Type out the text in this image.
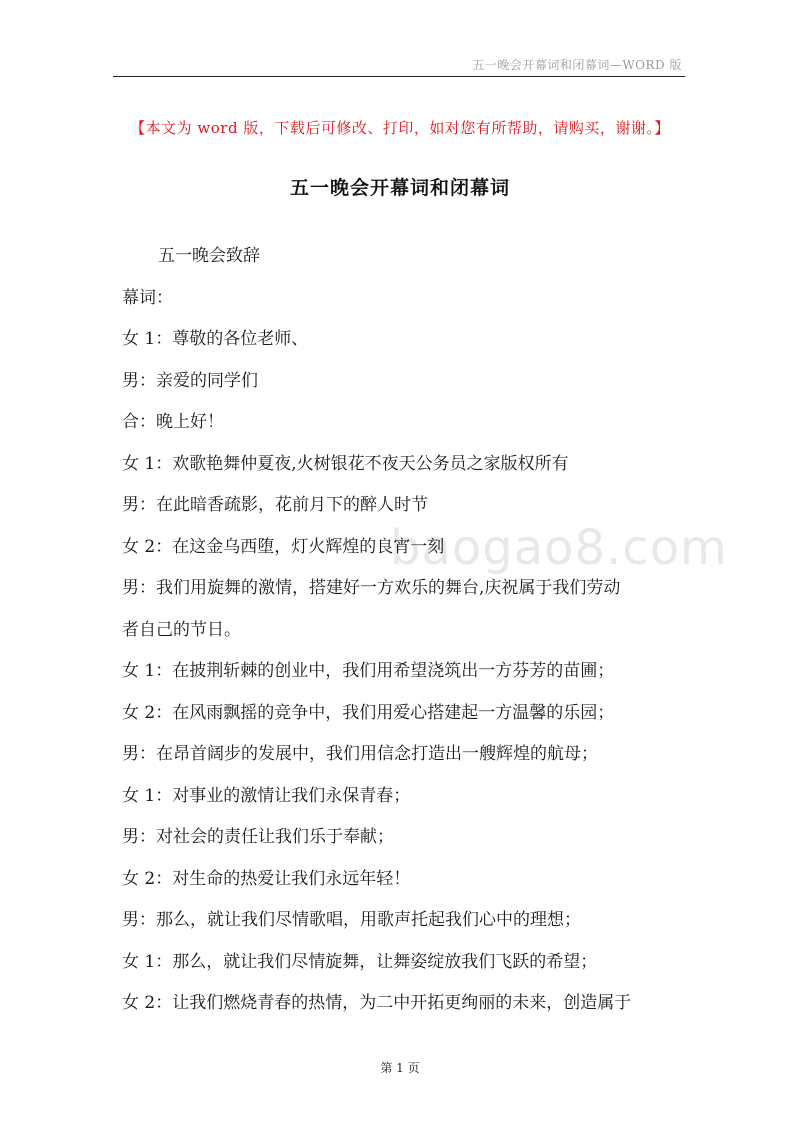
五一晚会开幕词和闭幕词—WORD 版
【本文为 word 版，下载后可修改、打印，如对您有所帮助，请购买，谢谢。】
五一晚会开幕词和闭幕词
baogao8.com

五一晚会致辞

幕词：

女 1：尊敬的各位老师、

男：亲爱的同学们

合：晚上好！

女 1：欢歌艳舞仲夏夜,火树银花不夜天公务员之家版权所有

男：在此暗香疏影，花前月下的醉人时节

女 2：在这金乌西堕，灯火辉煌的良宵一刻

男：我们用旋舞的激情，搭建好一方欢乐的舞台,庆祝属于我们劳动

者自己的节日。

女 1：在披荆斩棘的创业中，我们用希望浇筑出一方芬芳的苗圃；

女 2：在风雨飘摇的竞争中，我们用爱心搭建起一方温馨的乐园；

男：在昂首阔步的发展中，我们用信念打造出一艘辉煌的航母；

女 1：对事业的激情让我们永保青春；

男：对社会的责任让我们乐于奉献；

女 2：对生命的热爱让我们永远年轻！

男：那么，就让我们尽情歌唱，用歌声托起我们心中的理想；

女 1：那么，就让我们尽情旋舞，让舞姿绽放我们飞跃的希望；

女 2：让我们燃烧青春的热情，为二中开拓更绚丽的未来，创造属于

第 1 页
